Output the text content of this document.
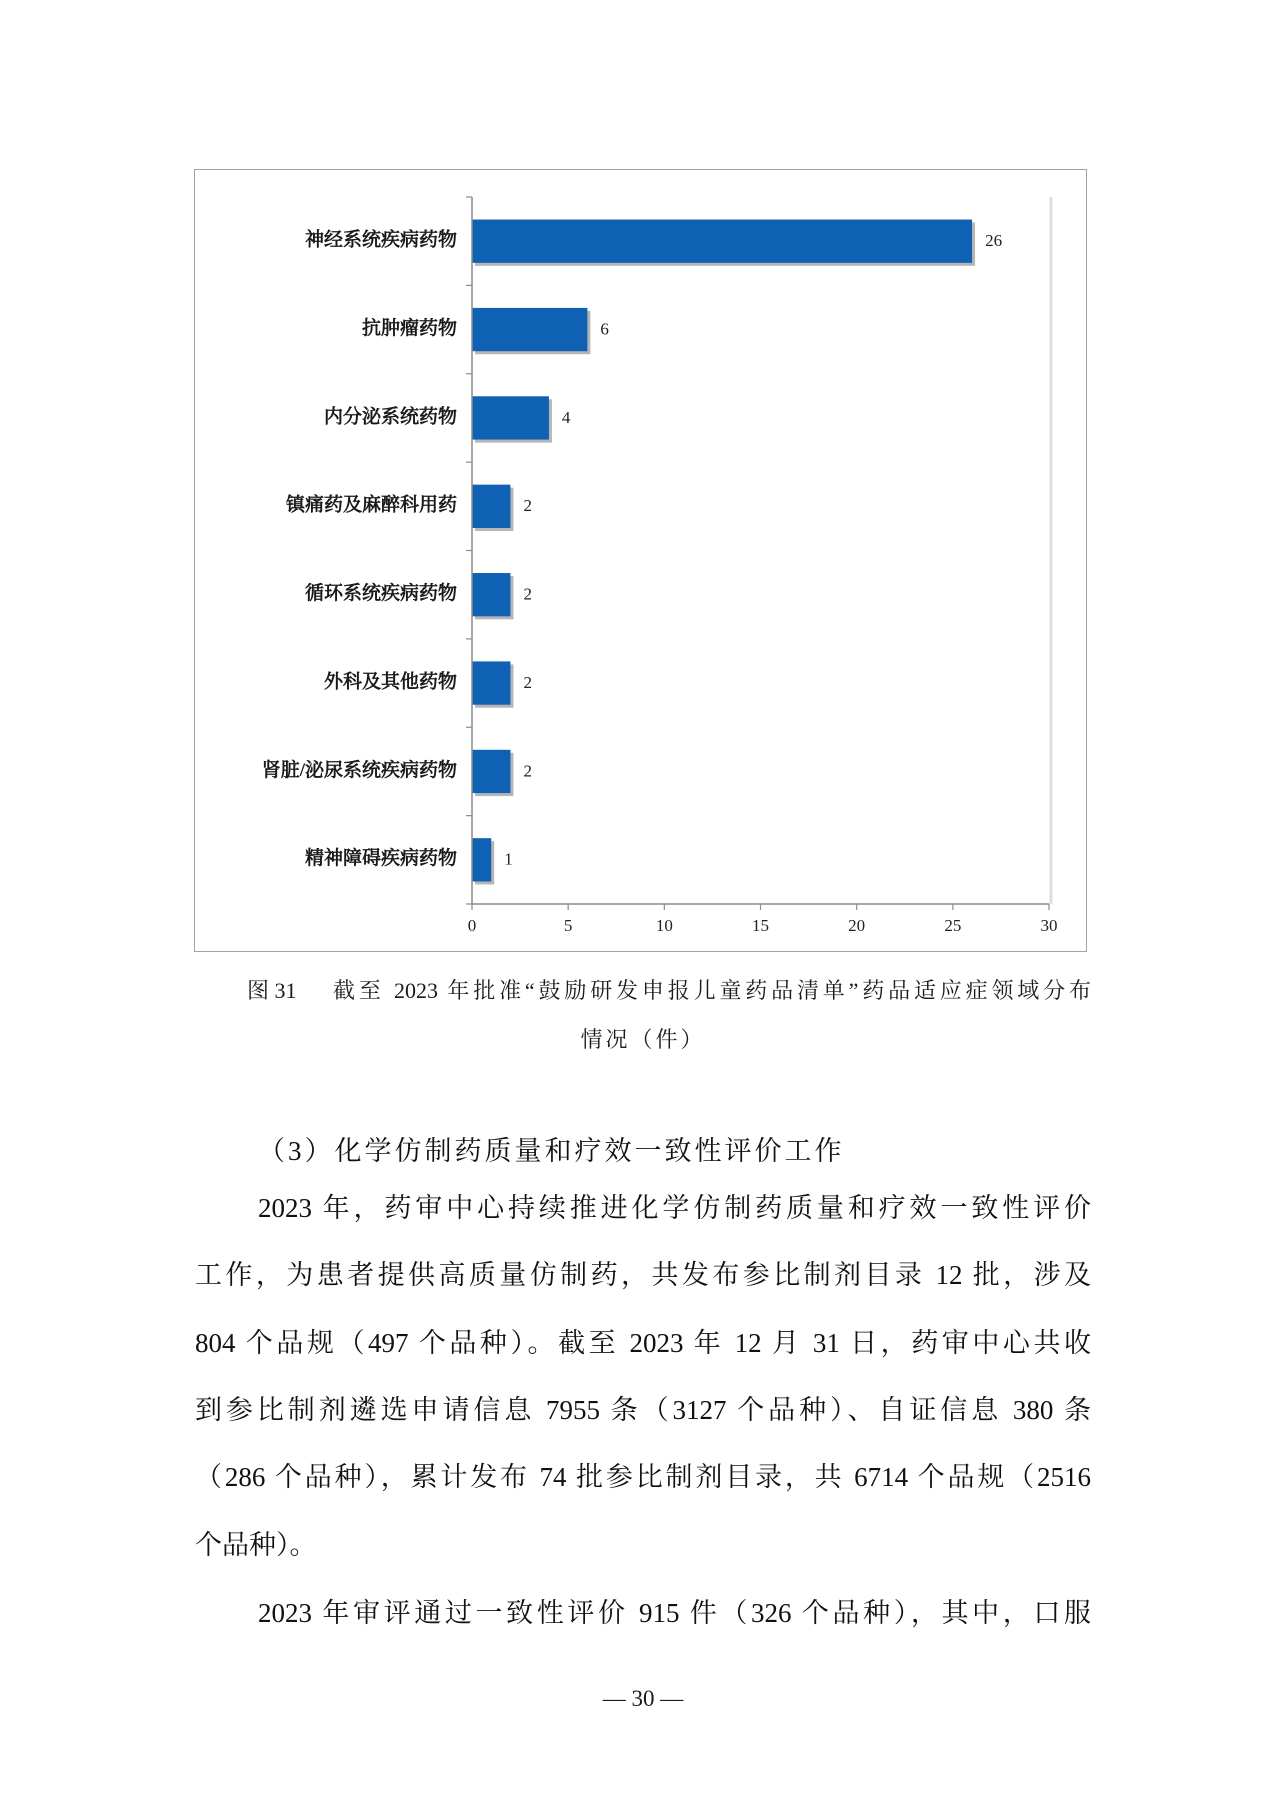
神经系统疾病药物	26
抗肿瘤药物	6
内分泌系统药物	4
镇痛药及麻醉科用药	2
循环系统疾病药物	2
外科及其他药物	2
肾脏/泌尿系统疾病药物	2
精神障碍疾病药物	1
0	5	10	15	20	25	30
图 31 截至 2023 年批准“鼓励研发申报儿童药品清单”药品适应症领域分布
情况（件）
（3）化学仿制药质量和疗效一致性评价工作
2023 年，药审中心持续推进化学仿制药质量和疗效一致性评价
工作，为患者提供高质量仿制药，共发布参比制剂目录 12 批，涉及
804 个品规（497 个品种）。截至 2023 年 12 月 31 日，药审中心共收
到参比制剂遴选申请信息 7955 条（3127 个品种）、自证信息 380 条
（286 个品种），累计发布 74 批参比制剂目录，共 6714 个品规（2516
个品种）。
2023 年审评通过一致性评价 915 件（326 个品种），其中，口服
— 30 —
